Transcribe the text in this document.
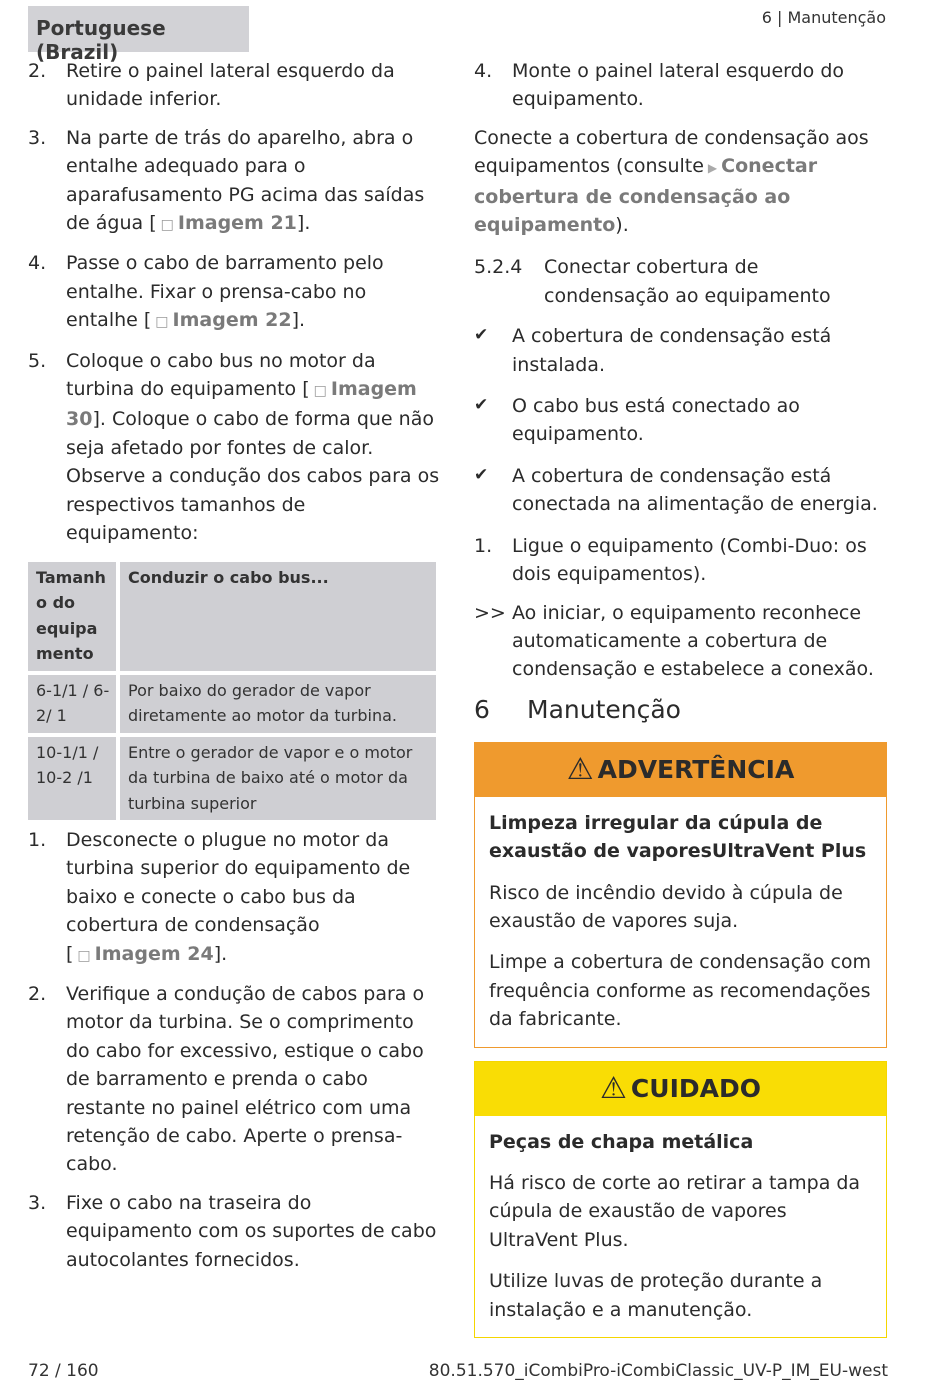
Portuguese (Brazil)
6 | Manutenção
2. Retire o painel lateral esquerdo da unidade inferior.
3. Na parte de trás do aparelho, abra o entalhe adequado para o aparafusamento PG acima das saídas de água [ □ Imagem 21].
4. Passe o cabo de barramento pelo entalhe. Fixar o prensa-cabo no entalhe [ □ Imagem 22].
5. Coloque o cabo bus no motor da turbina do equipamento [ □ Imagem 30]. Coloque o cabo de forma que não seja afetado por fontes de calor. Observe a condução dos cabos para os respectivos tamanhos de equipamento:
Tamanh o do equipa mento	Conduzir o cabo bus...
6-1/1 / 6-2/ 1	Por baixo do gerador de vapor diretamente ao motor da turbina.
10-1/1 / 10-2 /1	Entre o gerador de vapor e o motor da turbina de baixo até o motor da turbina superior
1. Desconecte o plugue no motor da turbina superior do equipamento de baixo e conecte o cabo bus da cobertura de condensação [ □ Imagem 24].
2. Verifique a condução de cabos para o motor da turbina. Se o comprimento do cabo for excessivo, estique o cabo de barramento e prenda o cabo restante no painel elétrico com uma retenção de cabo. Aperte o prensa-cabo.
3. Fixe o cabo na traseira do equipamento com os suportes de cabo autocolantes fornecidos.
4. Monte o painel lateral esquerdo do equipamento.
Conecte a cobertura de condensação aos equipamentos (consulte ▶ Conectar cobertura de condensação ao equipamento).
5.2.4 Conectar cobertura de condensação ao equipamento
✔ A cobertura de condensação está instalada.
✔ O cabo bus está conectado ao equipamento.
✔ A cobertura de condensação está conectada na alimentação de energia.
1. Ligue o equipamento (Combi-Duo: os dois equipamentos).
>> Ao iniciar, o equipamento reconhece automaticamente a cobertura de condensação e estabelece a conexão.
6 Manutenção
⚠ ADVERTÊNCIA

Limpeza irregular da cúpula de exaustão de vaporesUltraVent Plus

Risco de incêndio devido à cúpula de exaustão de vapores suja.

Limpe a cobertura de condensação com frequência conforme as recomendações da fabricante.

⚠ CUIDADO

Peças de chapa metálica

Há risco de corte ao retirar a tampa da cúpula de exaustão de vapores UltraVent Plus.

Utilize luvas de proteção durante a instalação e a manutenção.

72 / 160	80.51.570_iCombiPro-iCombiClassic_UV-P_IM_EU-west
